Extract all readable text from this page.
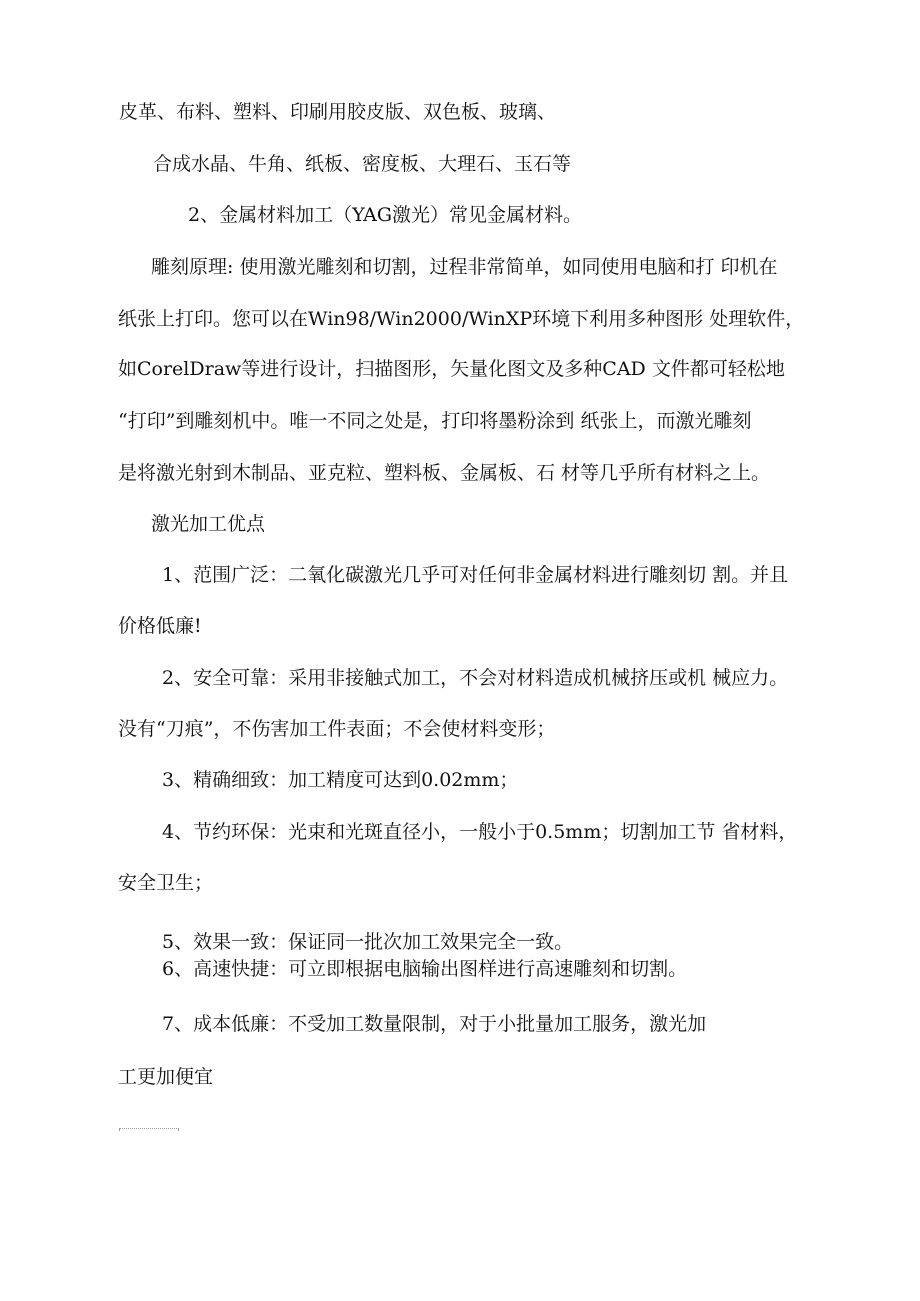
皮革、布料、塑料、印刷用胶皮版、双色板、玻璃、
合成水晶、牛角、纸板、密度板、大理石、玉石等
2、金属材料加工（YAG激光）常见金属材料。
雕刻原理: 使用激光雕刻和切割，过程非常简单，如同使用电脑和打 印机在
纸张上打印。您可以在Win98/Win2000/WinXP环境下利用多种图形 处理软件，
如CorelDraw等进行设计，扫描图形，矢量化图文及多种CAD 文件都可轻松地
“打印”到雕刻机中。唯一不同之处是，打印将墨粉涂到 纸张上，而激光雕刻
是将激光射到木制品、亚克粒、塑料板、金属板、石 材等几乎所有材料之上。
激光加工优点
1、范围广泛：二氧化碳激光几乎可对任何非金属材料进行雕刻切 割。并且
价格低廉!
2、安全可靠：采用非接触式加工，不会对材料造成机械挤压或机 械应力。
没有“刀痕”，不伤害加工件表面；不会使材料变形；
3、精确细致：加工精度可达到0.02mm；
4、节约环保：光束和光斑直径小，一般小于0.5mm；切割加工节 省材料，
安全卫生；
5、效果一致：保证同一批次加工效果完全一致。
6、高速快捷：可立即根据电脑输出图样进行高速雕刻和切割。
7、成本低廉：不受加工数量限制，对于小批量加工服务，激光加
工更加便宜
